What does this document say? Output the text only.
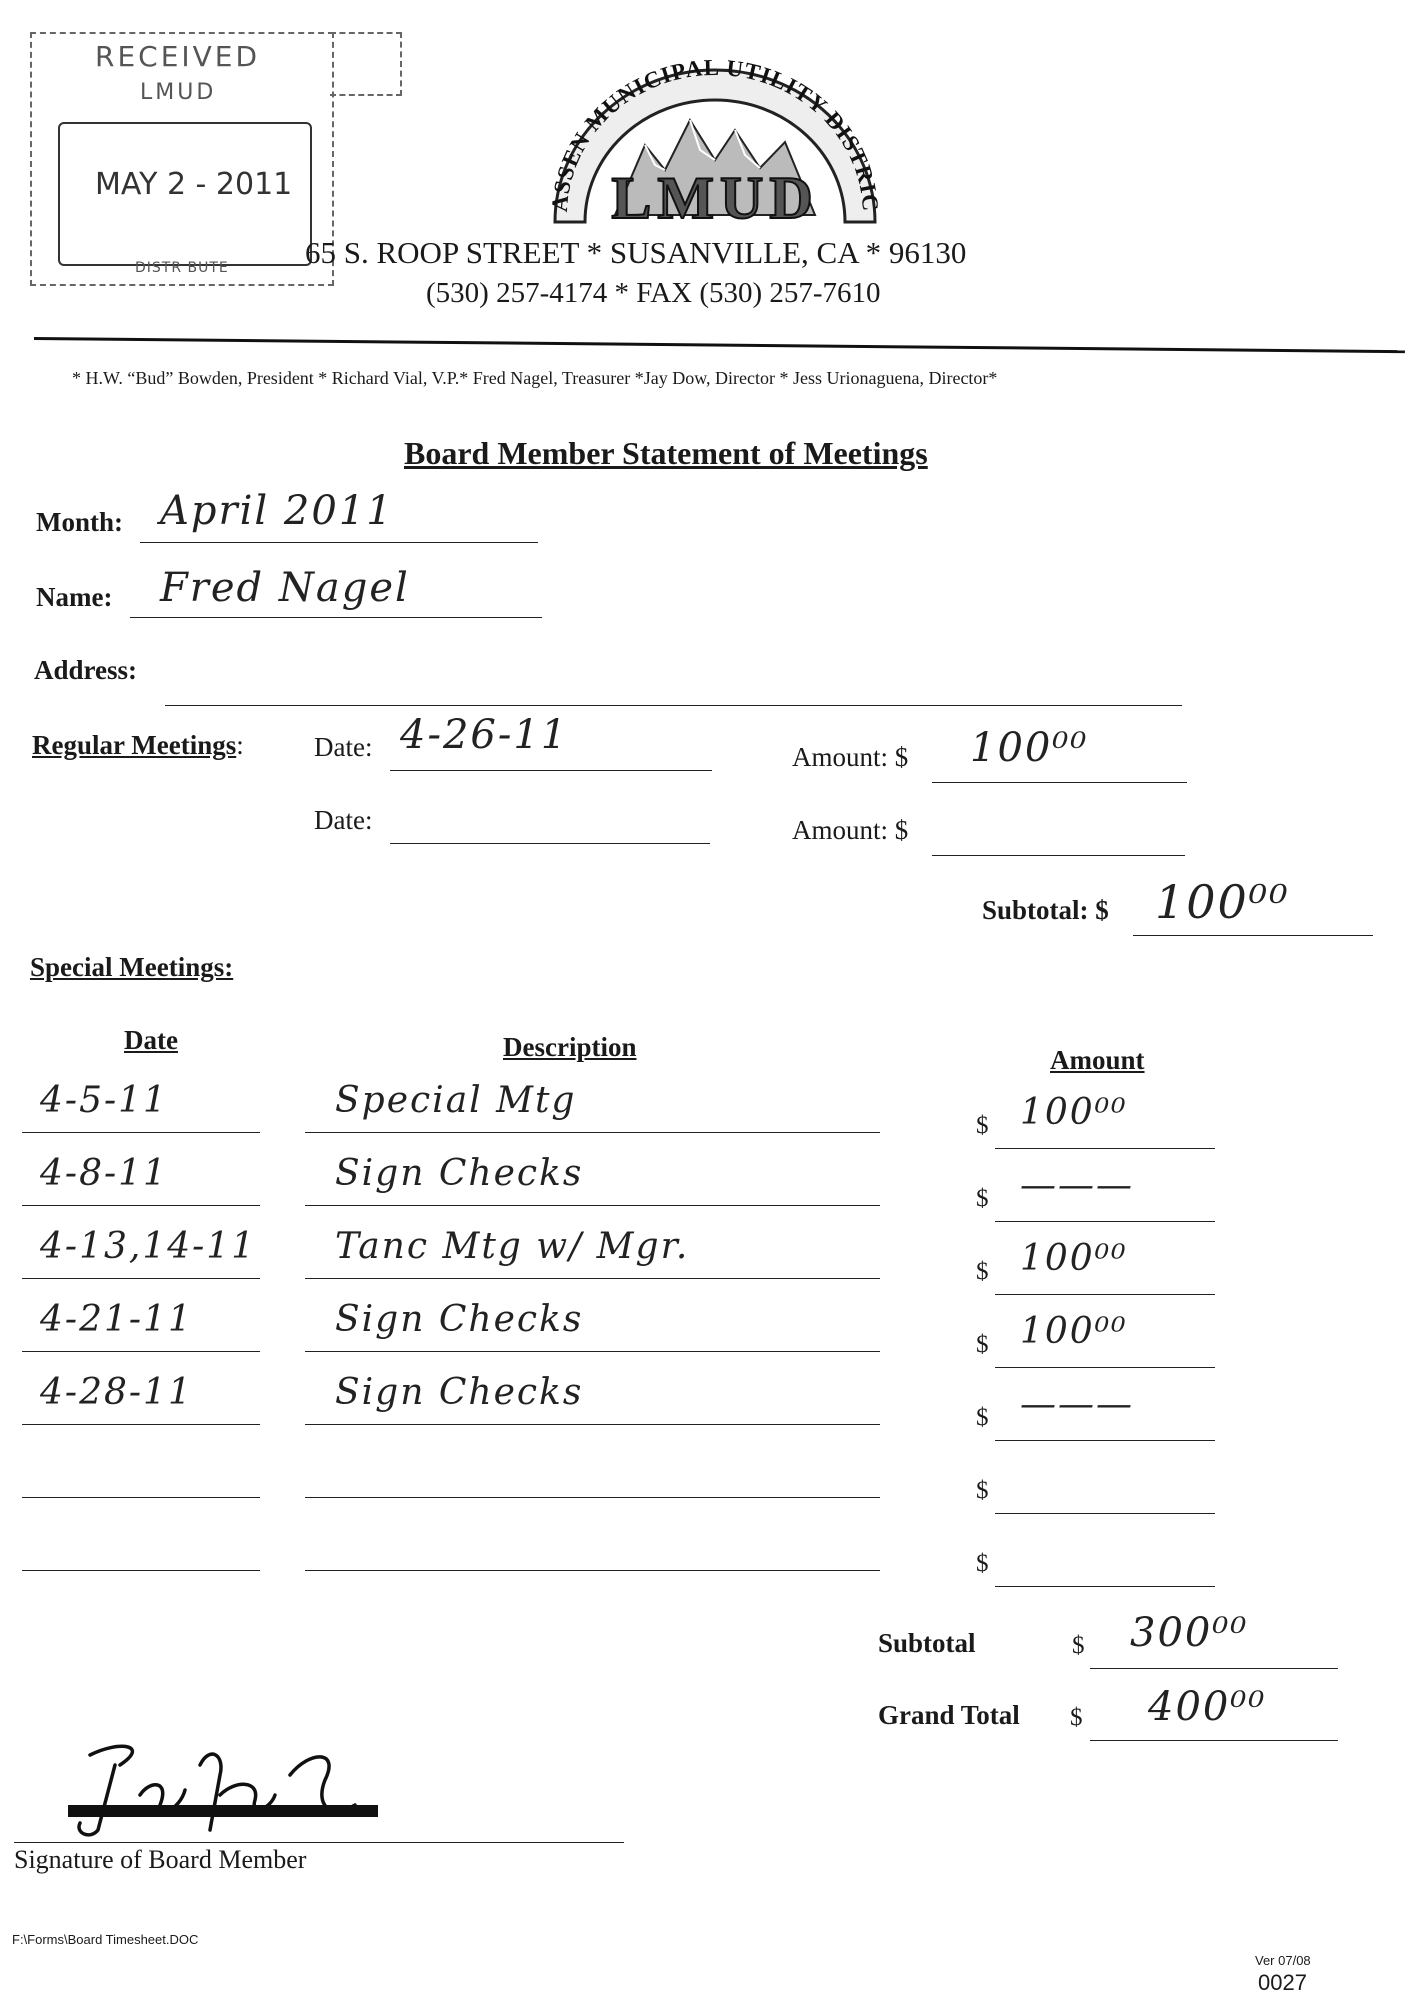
RECEIVED
LMUD
MAY 2 - 2011
DISTR BUTE
ASSEN MUNICIPAL UTILITY DISTRIC
LMUD
65 S. ROOP STREET * SUSANVILLE, CA * 96130
(530) 257-4174 * FAX (530) 257-7610
* H.W. “Bud” Bowden, President * Richard Vial, V.P.* Fred Nagel, Treasurer *Jay Dow, Director * Jess Urionaguena, Director*
Board Member Statement of Meetings
Month: April 2011
Name: Fred Nagel
Address:
Regular Meetings:	Date: 4-26-11	Amount: $ 100⁰⁰
Date:	Amount: $
Subtotal: $ 100⁰⁰
Special Meetings:
Date	Description	Amount
$
4-5-11	Special Mtg	100⁰⁰
$
4-8-11	Sign Checks	———
$
4-13,14-11 Tanc Mtg w/ Mgr.	100⁰⁰
$
4-21-11	Sign Checks	100⁰⁰
$
4-28-11	Sign Checks	———
$
$
Subtotal	$ 300⁰⁰
Grand Total $ 400⁰⁰
Signature of Board Member
F:\Forms\Board Timesheet.DOC
Ver 07/08
0027
